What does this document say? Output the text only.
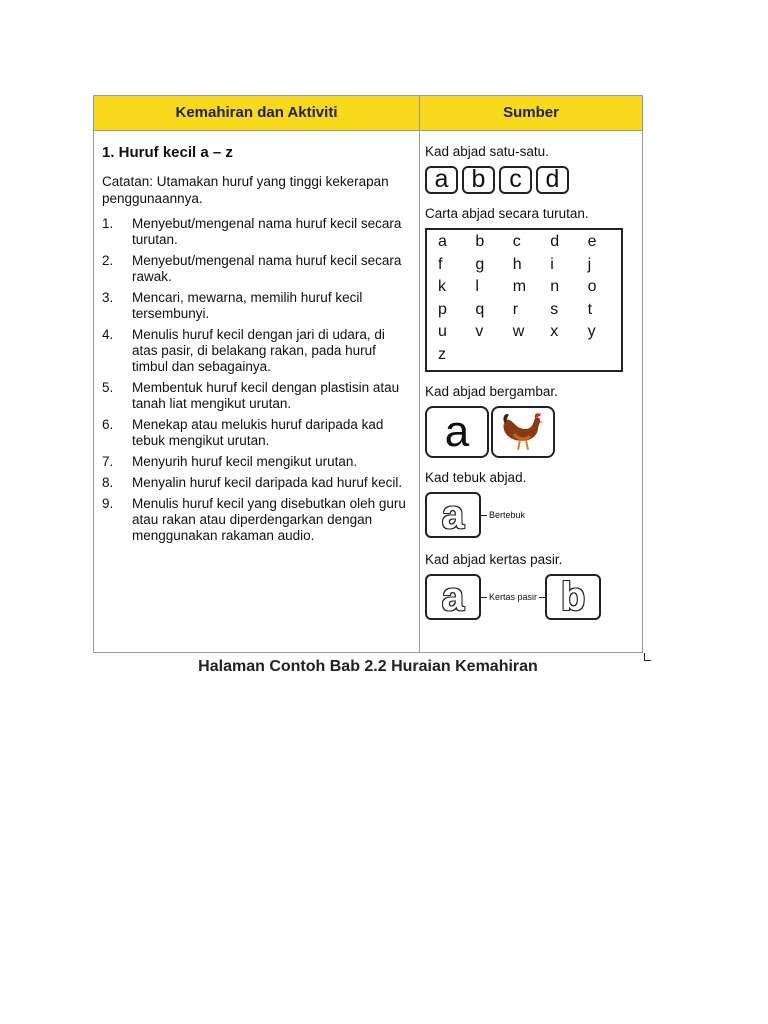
Kemahiran dan Aktiviti	Sumber

1. Huruf kecil a – z

Catatan: Utamakan huruf yang tinggi kekerapan penggunaannya.

1.	Menyebut/mengenal nama huruf kecil secara turutan.
2.	Menyebut/mengenal nama huruf kecil secara rawak.
3.	Mencari, mewarna, memilih huruf kecil tersembunyi.
4.	Menulis huruf kecil dengan jari di udara, di atas pasir, di belakang rakan, pada huruf timbul dan sebagainya.
5.	Membentuk huruf kecil dengan plastisin atau tanah liat mengikut urutan.
6.	Menekap atau melukis huruf daripada kad tebuk mengikut urutan.
7.	Menyurih huruf kecil mengikut urutan.
8.	Menyalin huruf kecil daripada kad huruf kecil.
9.	Menulis huruf kecil yang disebutkan oleh guru atau rakan atau diperdengarkan dengan menggunakan rakaman audio.

Kad abjad satu-satu.

a b c d

Carta abjad secara turutan.

a	b	c	d	e
f	g	h	i	j
k	l	m	n	o
p	q	r	s	t
u	v	w	x	y
z

Kad abjad bergambar.

a

Kad tebuk abjad.

a	Bertebuk

Kad abjad kertas pasir.

a	Kertas pasir b
Halaman Contoh Bab 2.2 Huraian Kemahiran
